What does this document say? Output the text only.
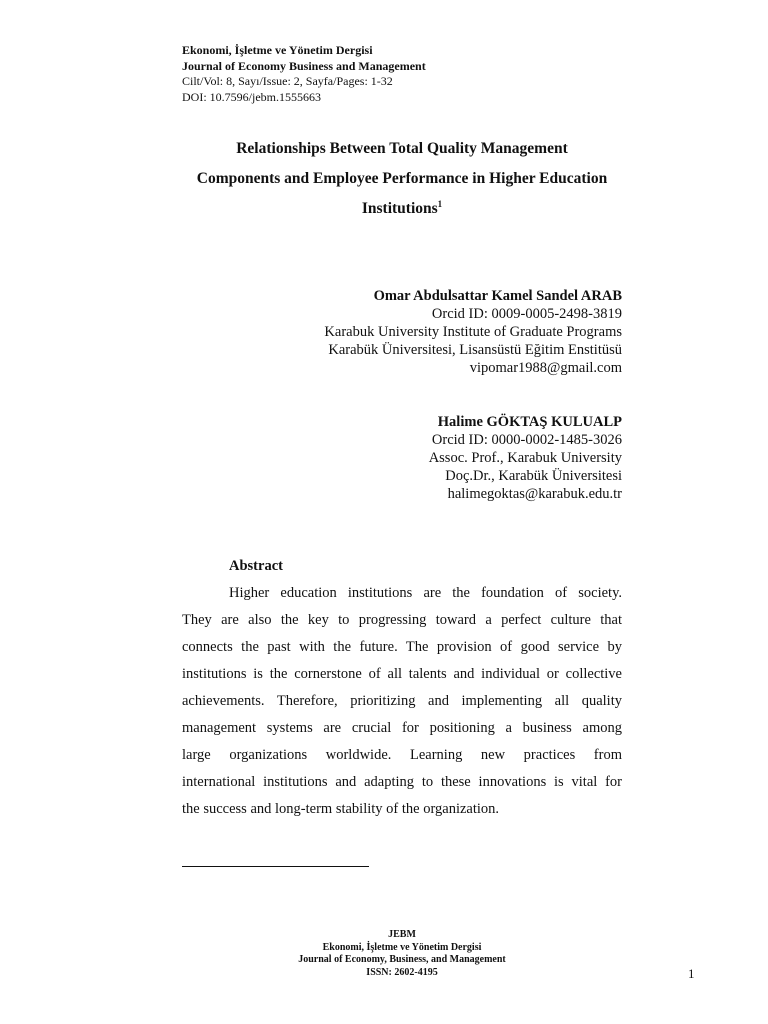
Ekonomi, İşletme ve Yönetim Dergisi
Journal of Economy Business and Management
Cilt/Vol: 8, Sayı/Issue: 2, Sayfa/Pages: 1-32
DOI: 10.7596/jebm.1555663
Relationships Between Total Quality Management
Components and Employee Performance in Higher Education
Institutions$^1$
Omar Abdulsattar Kamel Sandel ARAB
Orcid ID: 0009-0005-2498-3819
Karabuk University Institute of Graduate Programs
Karabük Üniversitesi, Lisansüstü Eğitim Enstitüsü
vipomar1988@gmail.com
Halime GÖKTAŞ KULUALP
Orcid ID: 0000-0002-1485-3026
Assoc. Prof., Karabuk University
Doç.Dr., Karabük Üniversitesi
halimegoktas@karabuk.edu.tr
Abstract
Higher education institutions are the foundation of society.
They are also the key to progressing toward a perfect culture that
connects the past with the future. The provision of good service by
institutions is the cornerstone of all talents and individual or collective
achievements. Therefore, prioritizing and implementing all quality
management systems are crucial for positioning a business among
large organizations worldwide. Learning new practices from
international institutions and adapting to these innovations is vital for
the success and long-term stability of the organization.
JEBM
Ekonomi, İşletme ve Yönetim Dergisi
Journal of Economy, Business, and Management
ISSN: 2602-4195	1
